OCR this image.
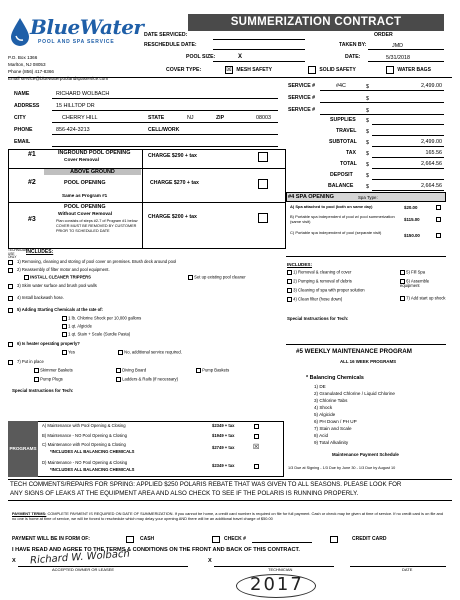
BlueWater
POOL AND SPA SERVICE
P.O. Box 1366
Marlton, NJ 08053
Phone (856) 417-8366
Email service@bluewaterpoolandspaservice.com
SUMMERIZATION CONTRACT
DATE SERVICED:
RESCHEDULE DATE:
POOL SIZE:	X
ORDER
TAKEN BY:	JMD
DATE:	5/31/2018
COVER TYPE:	☒ MESH SAFETY	SOLID SAFETY	WATER BAGS
NAME	RICHARD WOLBACH
ADDRESS	15 HILLTOP DR
CITY	CHERRY HILL	STATE	NJ	ZIP	08003
PHONE	856-424-3213	CELL/WORK
EMAIL
SERVICE #	#4C	$	2,499.00
SERVICE #	$
SERVICE #	$
SUPPLIES $
TRAVEL $
SUBTOTAL $	2,499.00
TAX $	165.56
TOTAL $	2,664.56
DEPOSIT $
BALANCE $	2,664.56
#1	INGROUND POOL OPENING
Cover Removal
CHARGE $290 + tax
ABOVE GROUND
#2	POOL OPENING	CHARGE $270 + tax
Same as Program #1
#3
POOL OPENING
Without Cover Removal
Plan consists of steps #2-7 of Program #1 below
COVER MUST BE REMOVED BY CUSTOMER
PRIOR TO SCHEDULED DATE
CHARGE $200 + tax
#4 SPA OPENING	Spa Type:
A) Spa attached to pool (both on same day)	$20.00
B) Portable spa independent of pool w/ pool summerization (same visit)	$115.00
C) Portable spa independent of pool (separate visit)
$150.00
INCLUDES:
1) Removal & cleaning of cover
2) Pumping & removal of debris
3) Cleaning of spa with proper solution
4) Clean filter (hose down)
5) Fill Spa
6) Assemble equipment
7) Add start up shock
Special Instructions for Tech:
TECHNICIAN USE ONLY
INCLUDES:
1) Removing, cleaning and storing of pool cover on premises. Brush deck around pool
2) Reassembly of filter motor and pool equipment.
INSTALL CLEANER TRIPPERS	Set up existing pool cleaner
3) Skim water surface and brush pool walls
4) Install backwash hose.
5) Adding Starting Chemicals at the rate of:
1 lb. Chlorine Shock per 10,000 gallons
1 qt. Algicide
1 qt. Stain + Scale (Surdie Pasta)
6) Is heater operating properly?
Yes	No, additional service required.
7) Put in place
Skimmer Baskets	Diving Board	Pump Baskets
Pump Plugs	Ladders & Rails (if necessary)
Special Instructions for Tech:
#5 WEEKLY MAINTENANCE PROGRAM
ALL 16 WEEK PROGRAMS
* Balancing Chemicals
1) DE
2) Granulated Chlorine / Liquid Chlorine
3) Chlorine Tabs
4) Shock
5) Algicide
6) PH Down / PH UP
7) Stain and Scale
8) Acid
9) Total Alkalinity
Maintenance Payment Schedule
1/3 Due at Signing - 1/3 Due by June 30 - 1/3 Due by August 10
PROGRAMS
A) Maintenance with Pool Opening & Closing	$2349 + tax
B) Maintenance - NO Pool Opening & Closing	$1949 + tax
C) Maintenance with Pool Opening & Closing
*INCLUDES ALL BALANCING CHEMICALS
$2749 + tax	☒
D) Maintenance - NO Pool Opening & Closing
*INCLUDES ALL BALANCING CHEMICALS
$2349 + tax
TECH COMMENTS/REPAIRS FOR SPRING: APPLIED $250 POLARIS REBATE THAT WAS GIVEN TO ALL SEASONS. PLEASE LOOK FOR
ANY SIGNS OF LEAKS AT THE EQUIPMENT AREA AND ALSO CHECK TO SEE IF THE POLARIS IS RUNNING PROPERLY.
PAYMENT TERMS: COMPLETE PAYMENT IS REQUIRED ON DATE OF SUMMERIZATION. If you cannot be home, a credit card number is required on file for full payment. Cash or check may be given at time of service. If no credit card is on file and no one is home at time of service, we will be forced to reschedule which may delay your opening AND there will be an additional travel charge of $50.00
PAYMENT WILL BE IN FORM OF:	CASH	CHECK #	CREDIT CARD
I HAVE READ AND AGREE TO THE TERMS & CONDITIONS ON THE FRONT AND BACK OF THIS CONTRACT.
X Richard W. Wolbach
ACCEPTED OWNER OR LEASEE
X
TECHNICIAN	DATE
2017
